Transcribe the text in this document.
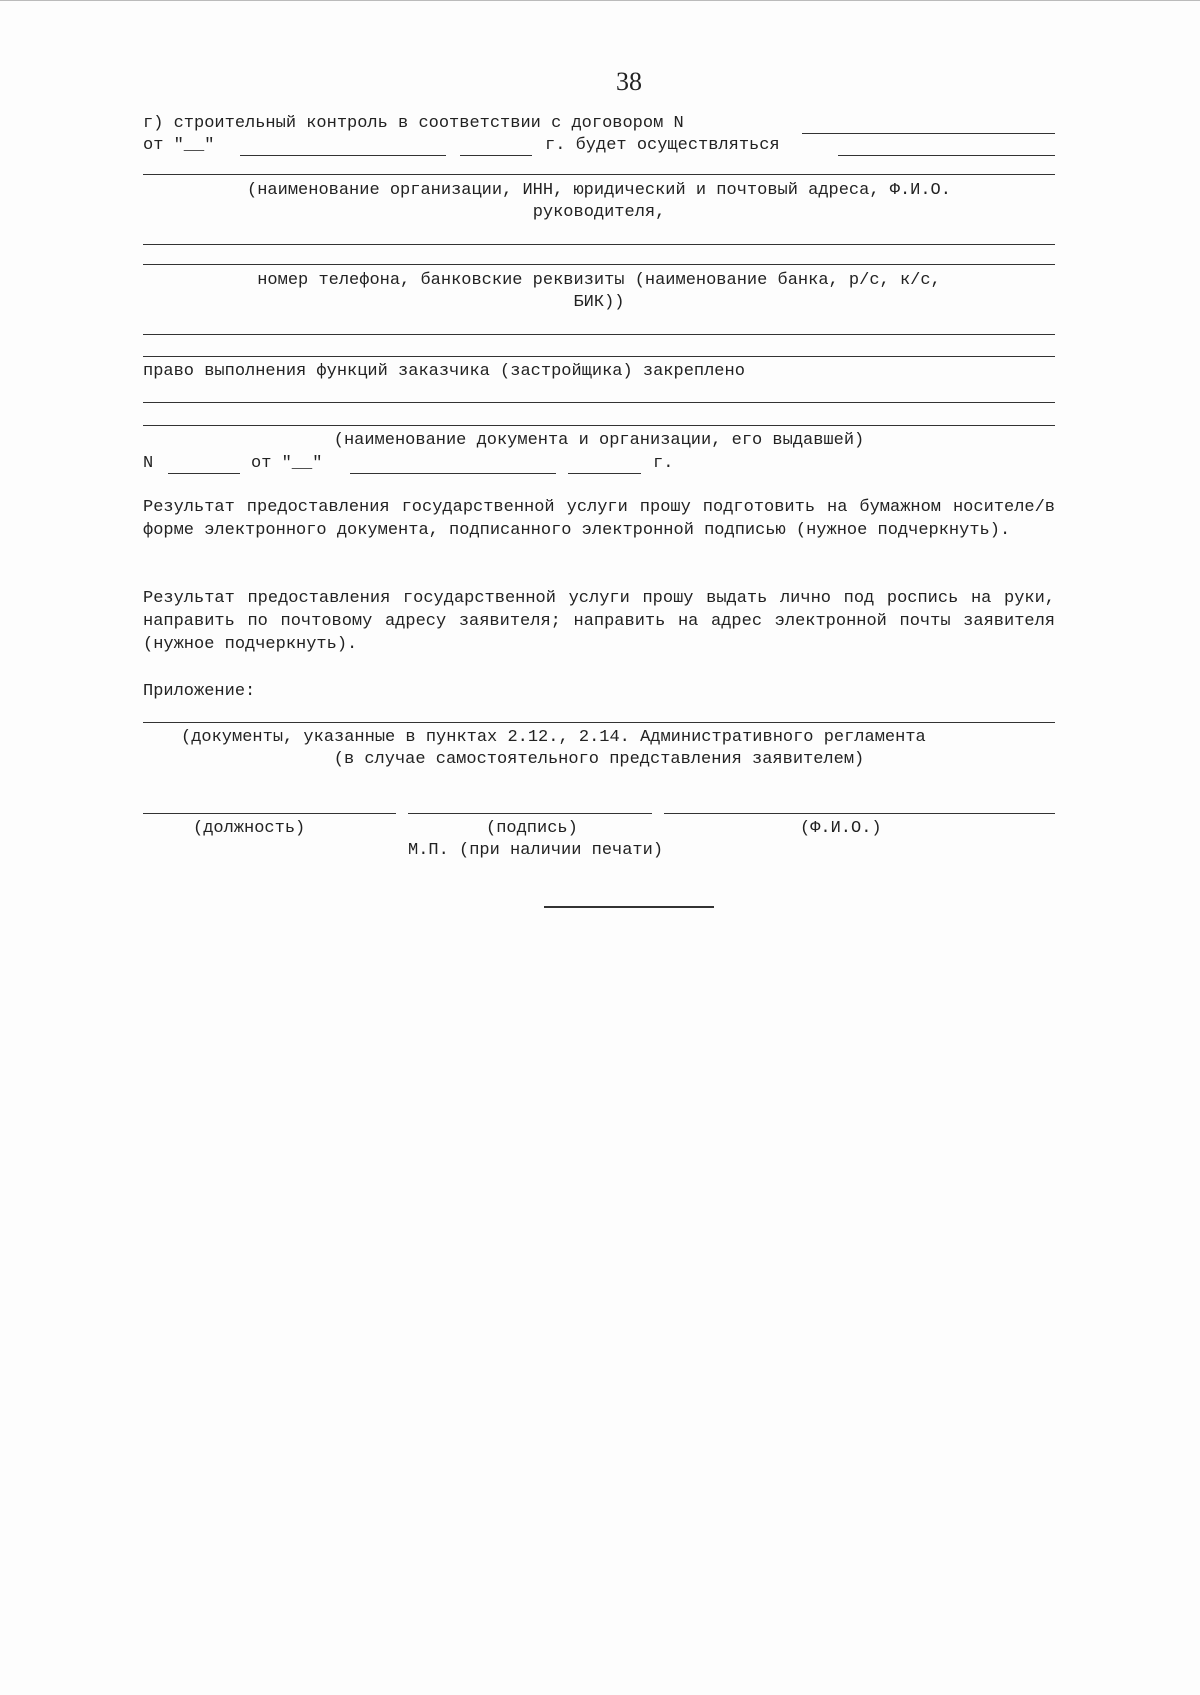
38
г) строительный контроль в соответствии с договором N
от "__"	г. будет осуществляться
(наименование организации, ИНН, юридический и почтовый адреса, Ф.И.О.
руководителя,
номер телефона, банковские реквизиты (наименование банка, р/с, к/с,
БИК))
право выполнения функций заказчика (застройщика) закреплено
(наименование документа и организации, его выдавшей)
N	от "__"	г.
Результат предоставления государственной услуги прошу подготовить на бумажном носителе/в форме электронного документа, подписанного электронной подписью (нужное подчеркнуть).
Результат предоставления государственной услуги прошу выдать лично под роспись на руки, направить по почтовому адресу заявителя; направить на адрес электронной почты заявителя (нужное подчеркнуть).
Приложение:
(документы, указанные в пунктах 2.12., 2.14. Административного регламента
(в случае самостоятельного представления заявителем)
(должность)	(подпись)	(Ф.И.О.)
М.П. (при наличии печати)
